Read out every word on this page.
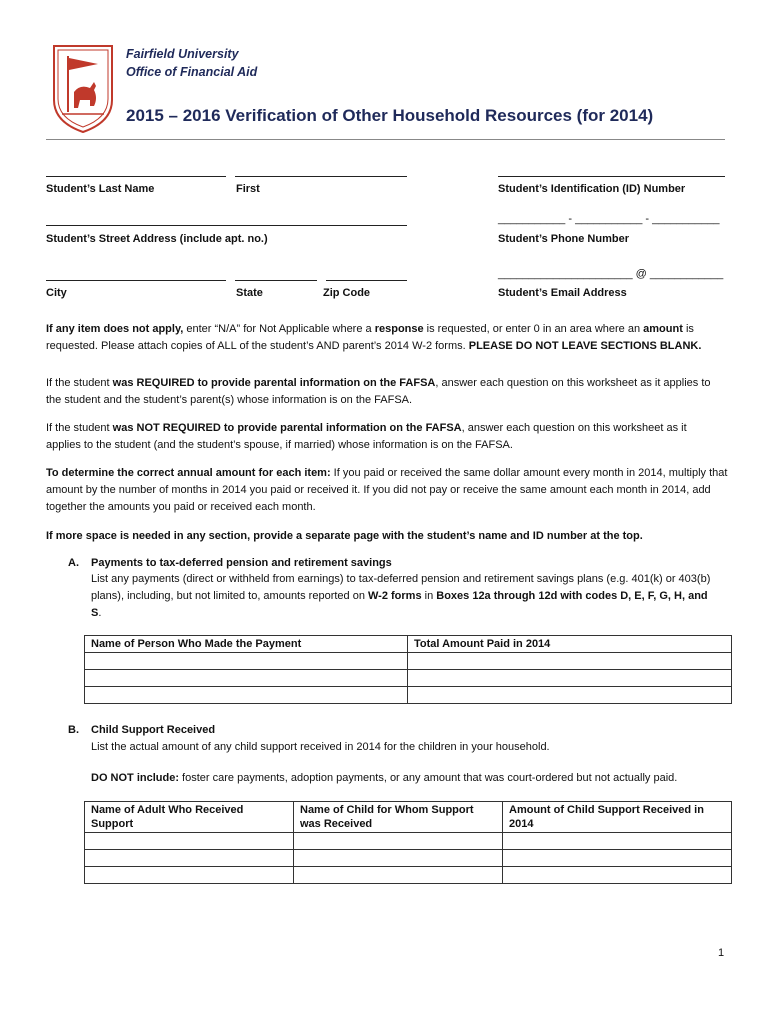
Fairfield University
Office of Financial Aid
2015 – 2016 Verification of Other Household Resources (for 2014)
Student’s Last Name	First	Student’s Identification (ID) Number
___________ - ___________ - ___________
Student’s Street Address (include apt. no.)	Student’s Phone Number
______________________ @ ____________
City	State	Zip Code	Student’s Email Address
If any item does not apply, enter “N/A” for Not Applicable where a response is requested, or enter 0 in an area where an amount is requested. Please attach copies of ALL of the student’s AND parent’s 2014 W-2 forms. PLEASE DO NOT LEAVE SECTIONS BLANK.
If the student was REQUIRED to provide parental information on the FAFSA, answer each question on this worksheet as it applies to the student and the student’s parent(s) whose information is on the FAFSA.
If the student was NOT REQUIRED to provide parental information on the FAFSA, answer each question on this worksheet as it applies to the student (and the student’s spouse, if married) whose information is on the FAFSA.
To determine the correct annual amount for each item: If you paid or received the same dollar amount every month in 2014, multiply that amount by the number of months in 2014 you paid or received it. If you did not pay or receive the same amount each month in 2014, add together the amounts you paid or received each month.
If more space is needed in any section, provide a separate page with the student’s name and ID number at the top.
A. Payments to tax-deferred pension and retirement savings
List any payments (direct or withheld from earnings) to tax-deferred pension and retirement savings plans (e.g. 401(k) or 403(b) plans), including, but not limited to, amounts reported on W-2 forms in Boxes 12a through 12d with codes D, E, F, G, H, and S.
Name of Person Who Made the Payment	Total Amount Paid in 2014

B. Child Support Received
List the actual amount of any child support received in 2014 for the children in your household.
DO NOT include: foster care payments, adoption payments, or any amount that was court-ordered but not actually paid.
Name of Adult Who Received Support	Name of Child for Whom Support was Received	Amount of Child Support Received in 2014

1
